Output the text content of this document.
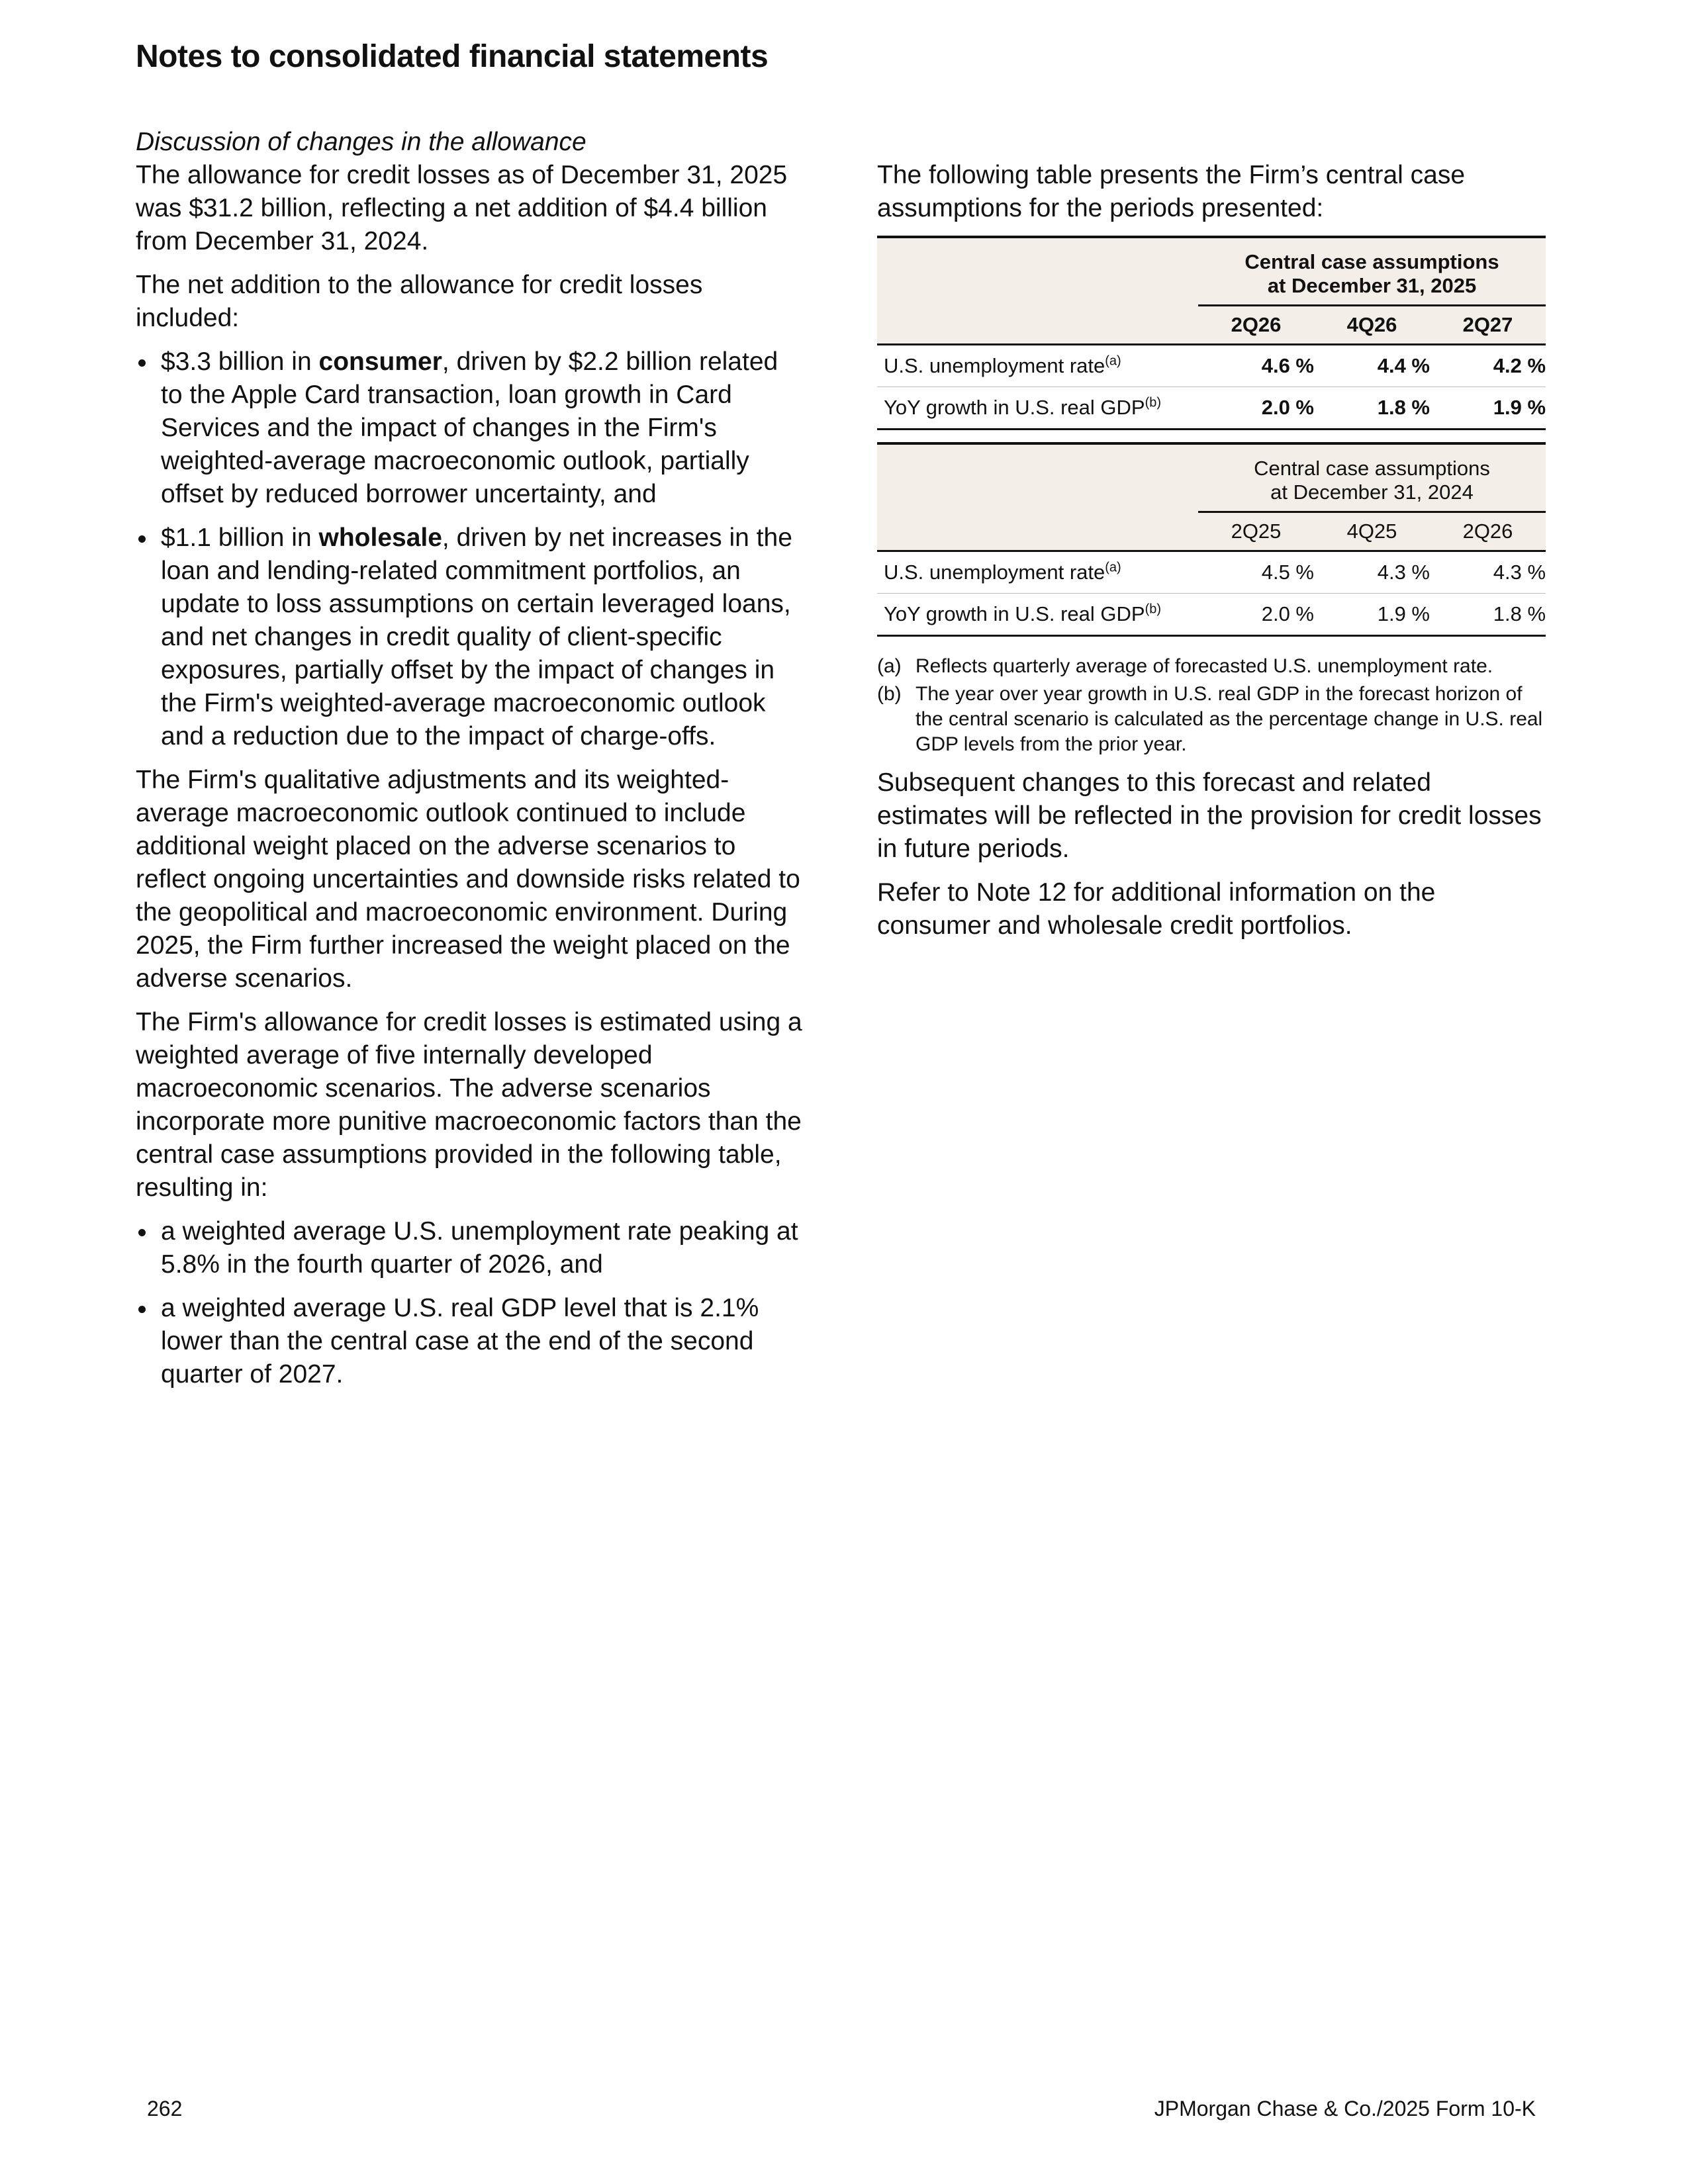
Notes to consolidated financial statements

Discussion of changes in the allowance

The allowance for credit losses as of December 31, 2025 was $31.2 billion, reflecting a net addition of $4.4 billion from December 31, 2024.

The net addition to the allowance for credit losses included:

$3.3 billion in consumer, driven by $2.2 billion related to the Apple Card transaction, loan growth in Card Services and the impact of changes in the Firm's weighted-average macroeconomic outlook, partially offset by reduced borrower uncertainty, and
$1.1 billion in wholesale, driven by net increases in the loan and lending-related commitment portfolios, an update to loss assumptions on certain leveraged loans, and net changes in credit quality of client-specific exposures, partially offset by the impact of changes in the Firm's weighted-average macroeconomic outlook and a reduction due to the impact of charge-offs.

The Firm's qualitative adjustments and its weighted-average macroeconomic outlook continued to include additional weight placed on the adverse scenarios to reflect ongoing uncertainties and downside risks related to the geopolitical and macroeconomic environment. During 2025, the Firm further increased the weight placed on the adverse scenarios.

The Firm's allowance for credit losses is estimated using a weighted average of five internally developed macroeconomic scenarios. The adverse scenarios incorporate more punitive macroeconomic factors than the central case assumptions provided in the following table, resulting in:

a weighted average U.S. unemployment rate peaking at 5.8% in the fourth quarter of 2026, and
a weighted average U.S. real GDP level that is 2.1% lower than the central case at the end of the second quarter of 2027.

The following table presents the Firm’s central case assumptions for the periods presented:

	Central case assumptions
at December 31, 2025		

	2Q26	4Q26	2Q27
U.S. unemployment rate$^{(a)}$	4.6 %	4.4 %	4.2 %
YoY growth in U.S. real GDP$^{(b)}$	2.0 %	1.8 %	1.9 %

	Central case assumptions
at December 31, 2024		

	2Q25	4Q25	2Q26
U.S. unemployment rate$^{(a)}$	4.5 %	4.3 %	4.3 %
YoY growth in U.S. real GDP$^{(b)}$	2.0 %	1.9 %	1.8 %
(a) Reflects quarterly average of forecasted U.S. unemployment rate.
(b) The year over year growth in U.S. real GDP in the forecast horizon of the central scenario is calculated as the percentage change in U.S. real GDP levels from the prior year.

Subsequent changes to this forecast and related estimates will be reflected in the provision for credit losses in future periods.

Refer to Note 12 for additional information on the consumer and wholesale credit portfolios.

262	JPMorgan Chase & Co./2025 Form 10-K
